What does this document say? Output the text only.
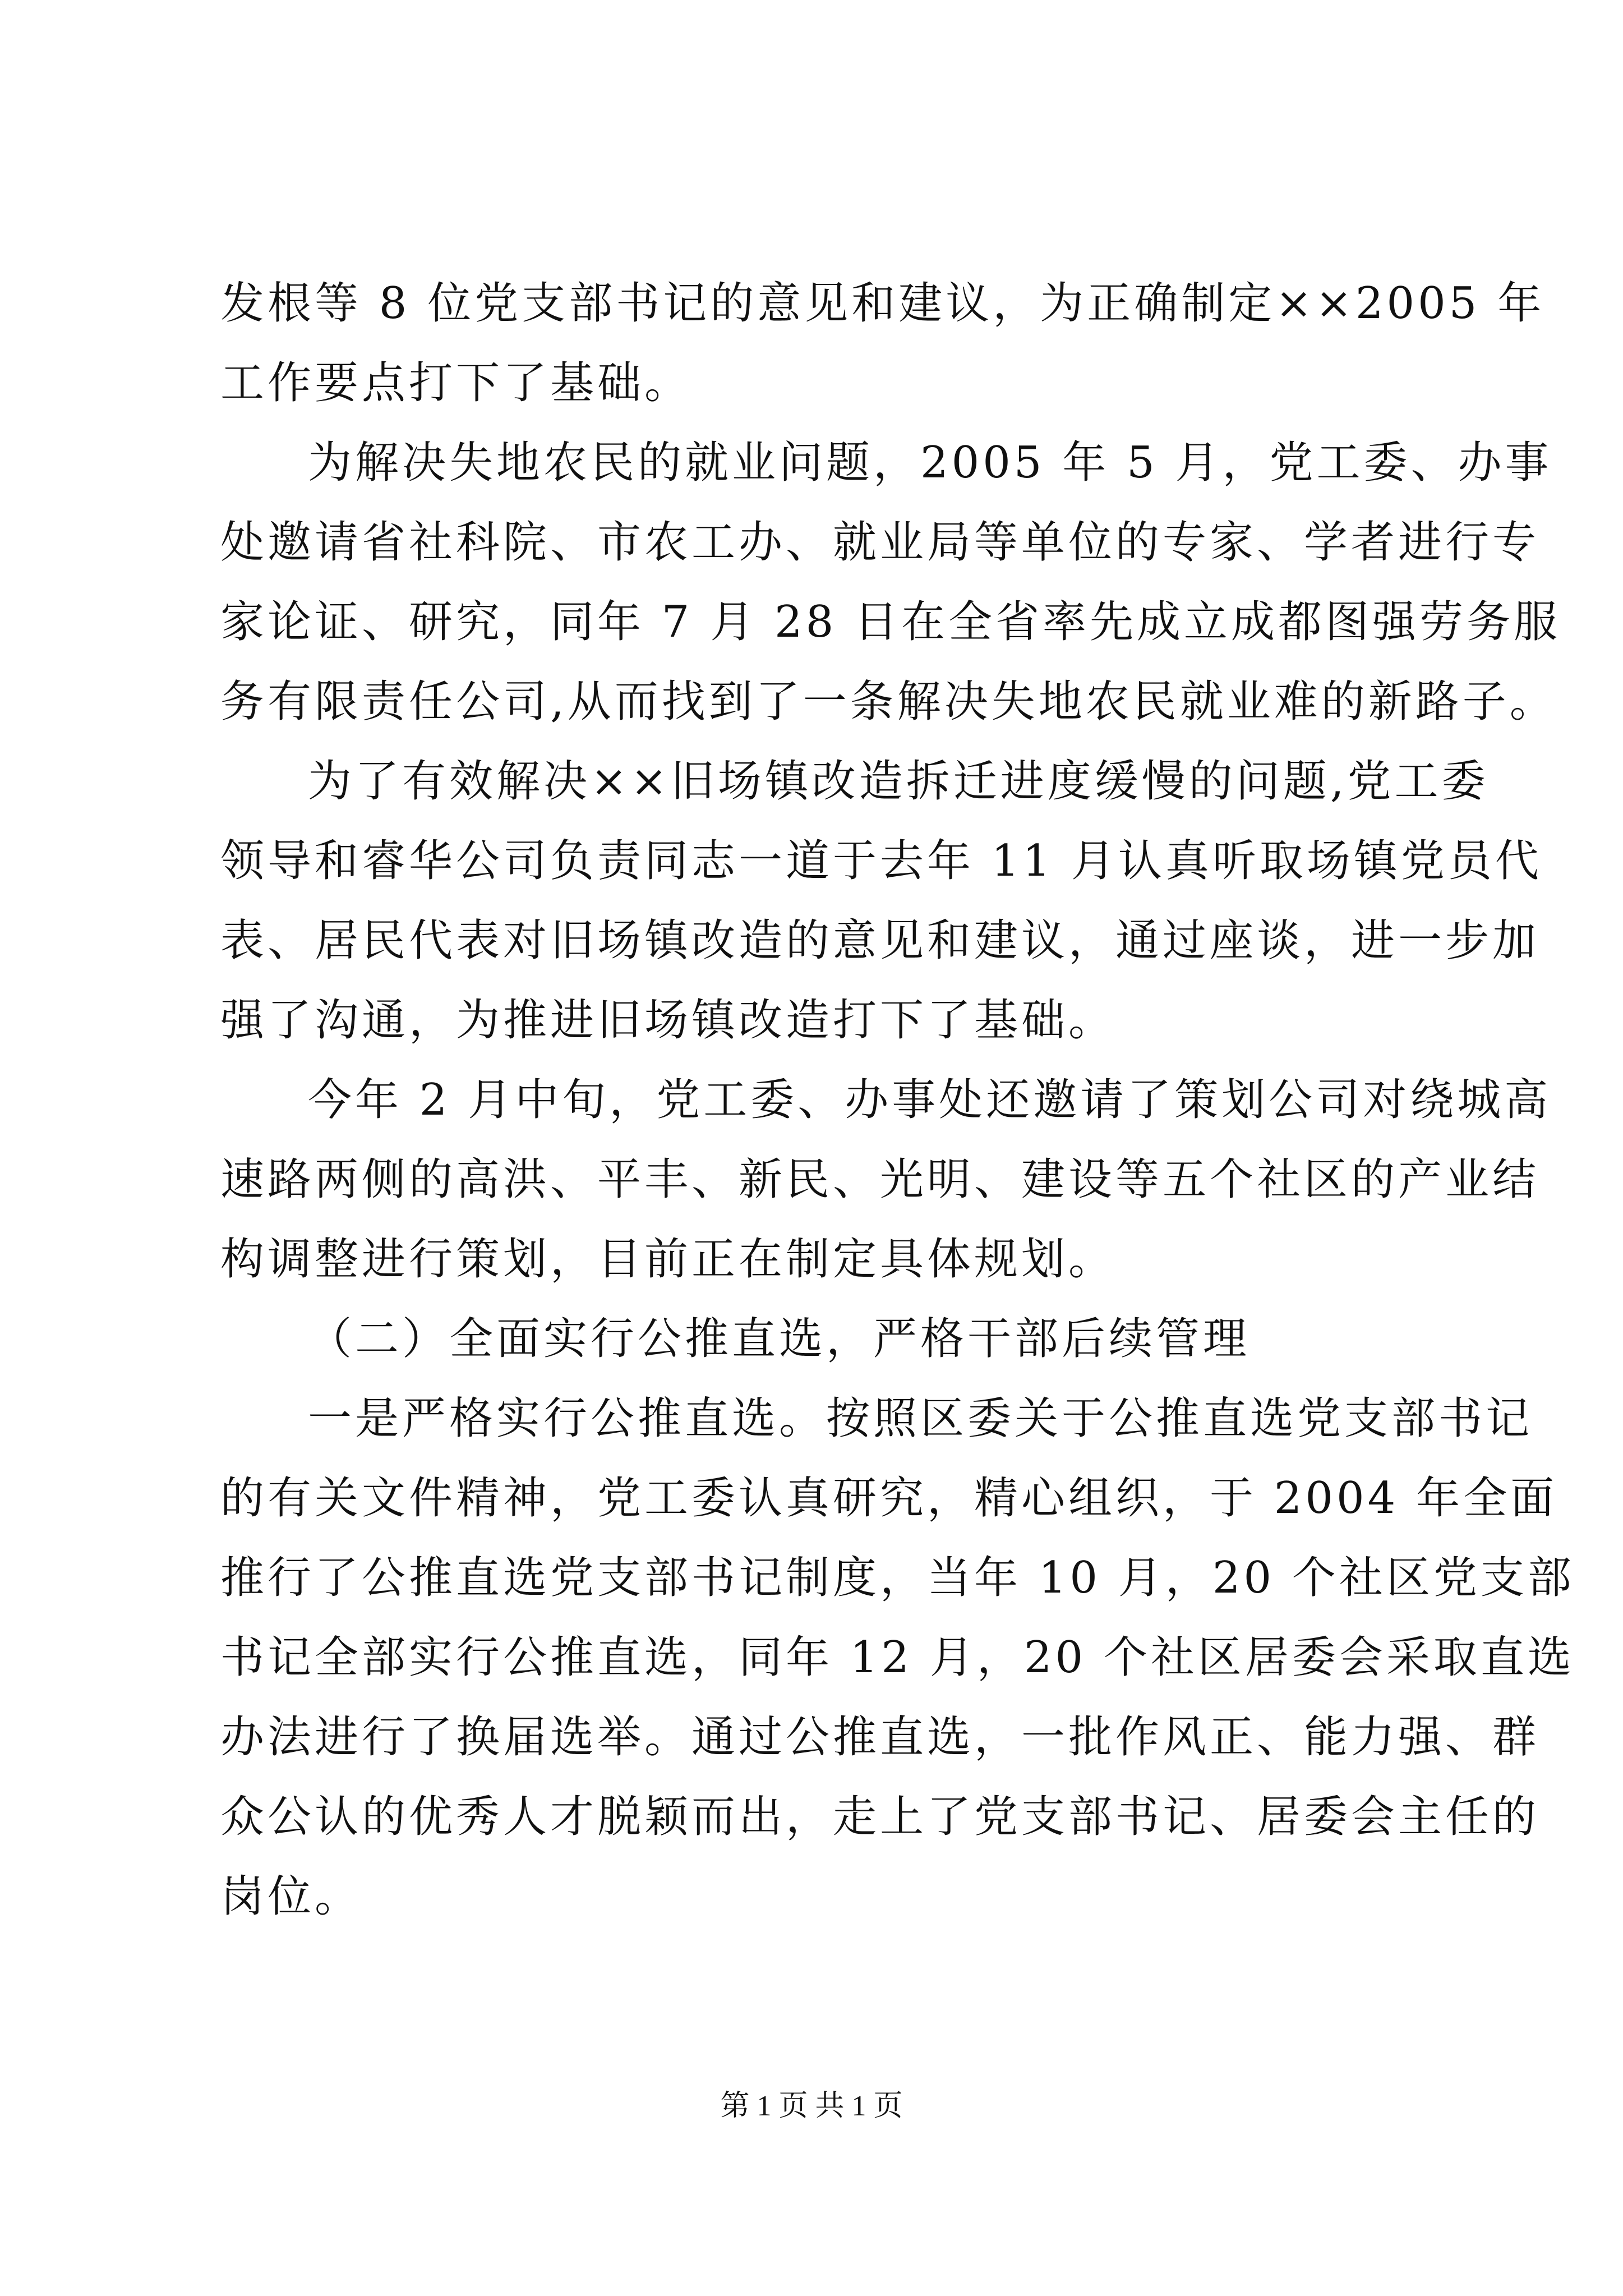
发根等 8 位党支部书记的意见和建议，为正确制定××2005 年
工作要点打下了基础。
为解决失地农民的就业问题，2005 年 5 月，党工委、办事
处邀请省社科院、市农工办、就业局等单位的专家、学者进行专
家论证、研究，同年 7 月 28 日在全省率先成立成都图强劳务服
务有限责任公司,从而找到了一条解决失地农民就业难的新路子。
为了有效解决××旧场镇改造拆迁进度缓慢的问题,党工委
领导和睿华公司负责同志一道于去年 11 月认真听取场镇党员代
表、居民代表对旧场镇改造的意见和建议，通过座谈，进一步加
强了沟通，为推进旧场镇改造打下了基础。
今年 2 月中旬，党工委、办事处还邀请了策划公司对绕城高
速路两侧的高洪、平丰、新民、光明、建设等五个社区的产业结
构调整进行策划，目前正在制定具体规划。
（二）全面实行公推直选，严格干部后续管理
一是严格实行公推直选。按照区委关于公推直选党支部书记
的有关文件精神，党工委认真研究，精心组织，于 2004 年全面
推行了公推直选党支部书记制度，当年 10 月，20 个社区党支部
书记全部实行公推直选，同年 12 月，20 个社区居委会采取直选
办法进行了换届选举。通过公推直选，一批作风正、能力强、群
众公认的优秀人才脱颖而出，走上了党支部书记、居委会主任的
岗位。
第 1 页 共 1 页
